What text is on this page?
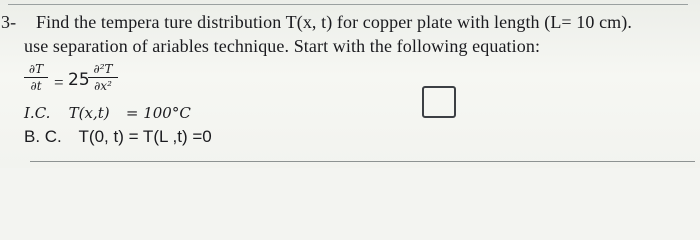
3- Find the tempera ture distribution T(x, t) for copper plate with length (L= 10 cm).
use separation of ariables technique. Start with the following equation:
∂T
∂t = 25
∂²T
∂x²
I.C. T(x,t) = 100°C
B. C. T(0, t) = T(L ,t) =0
